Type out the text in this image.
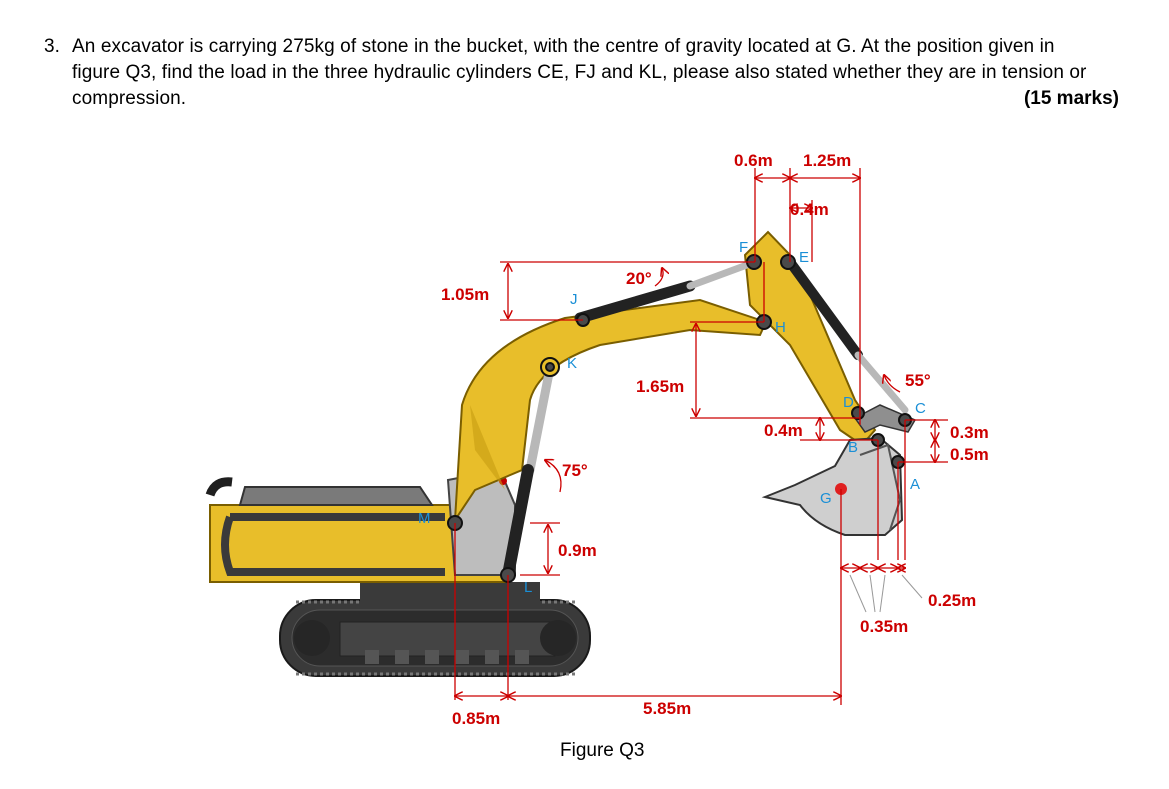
3. An excavator is carrying 275kg of stone in the bucket, with the centre of gravity located at G. At the position given in
figure Q3, find the load in the three hydraulic cylinders CE, FJ and KL, please also stated whether they are in tension or
compression.	(15 marks)
0.6m 1.25m
0.4m
1.05m
20°
1.65m
0.4m
55°
0.3m
0.5m
75°
0.9m
0.25m
0.35m
0.85m
5.85m
F
E
H
J
K
D	C
B
A
G
M
L
Figure Q3
